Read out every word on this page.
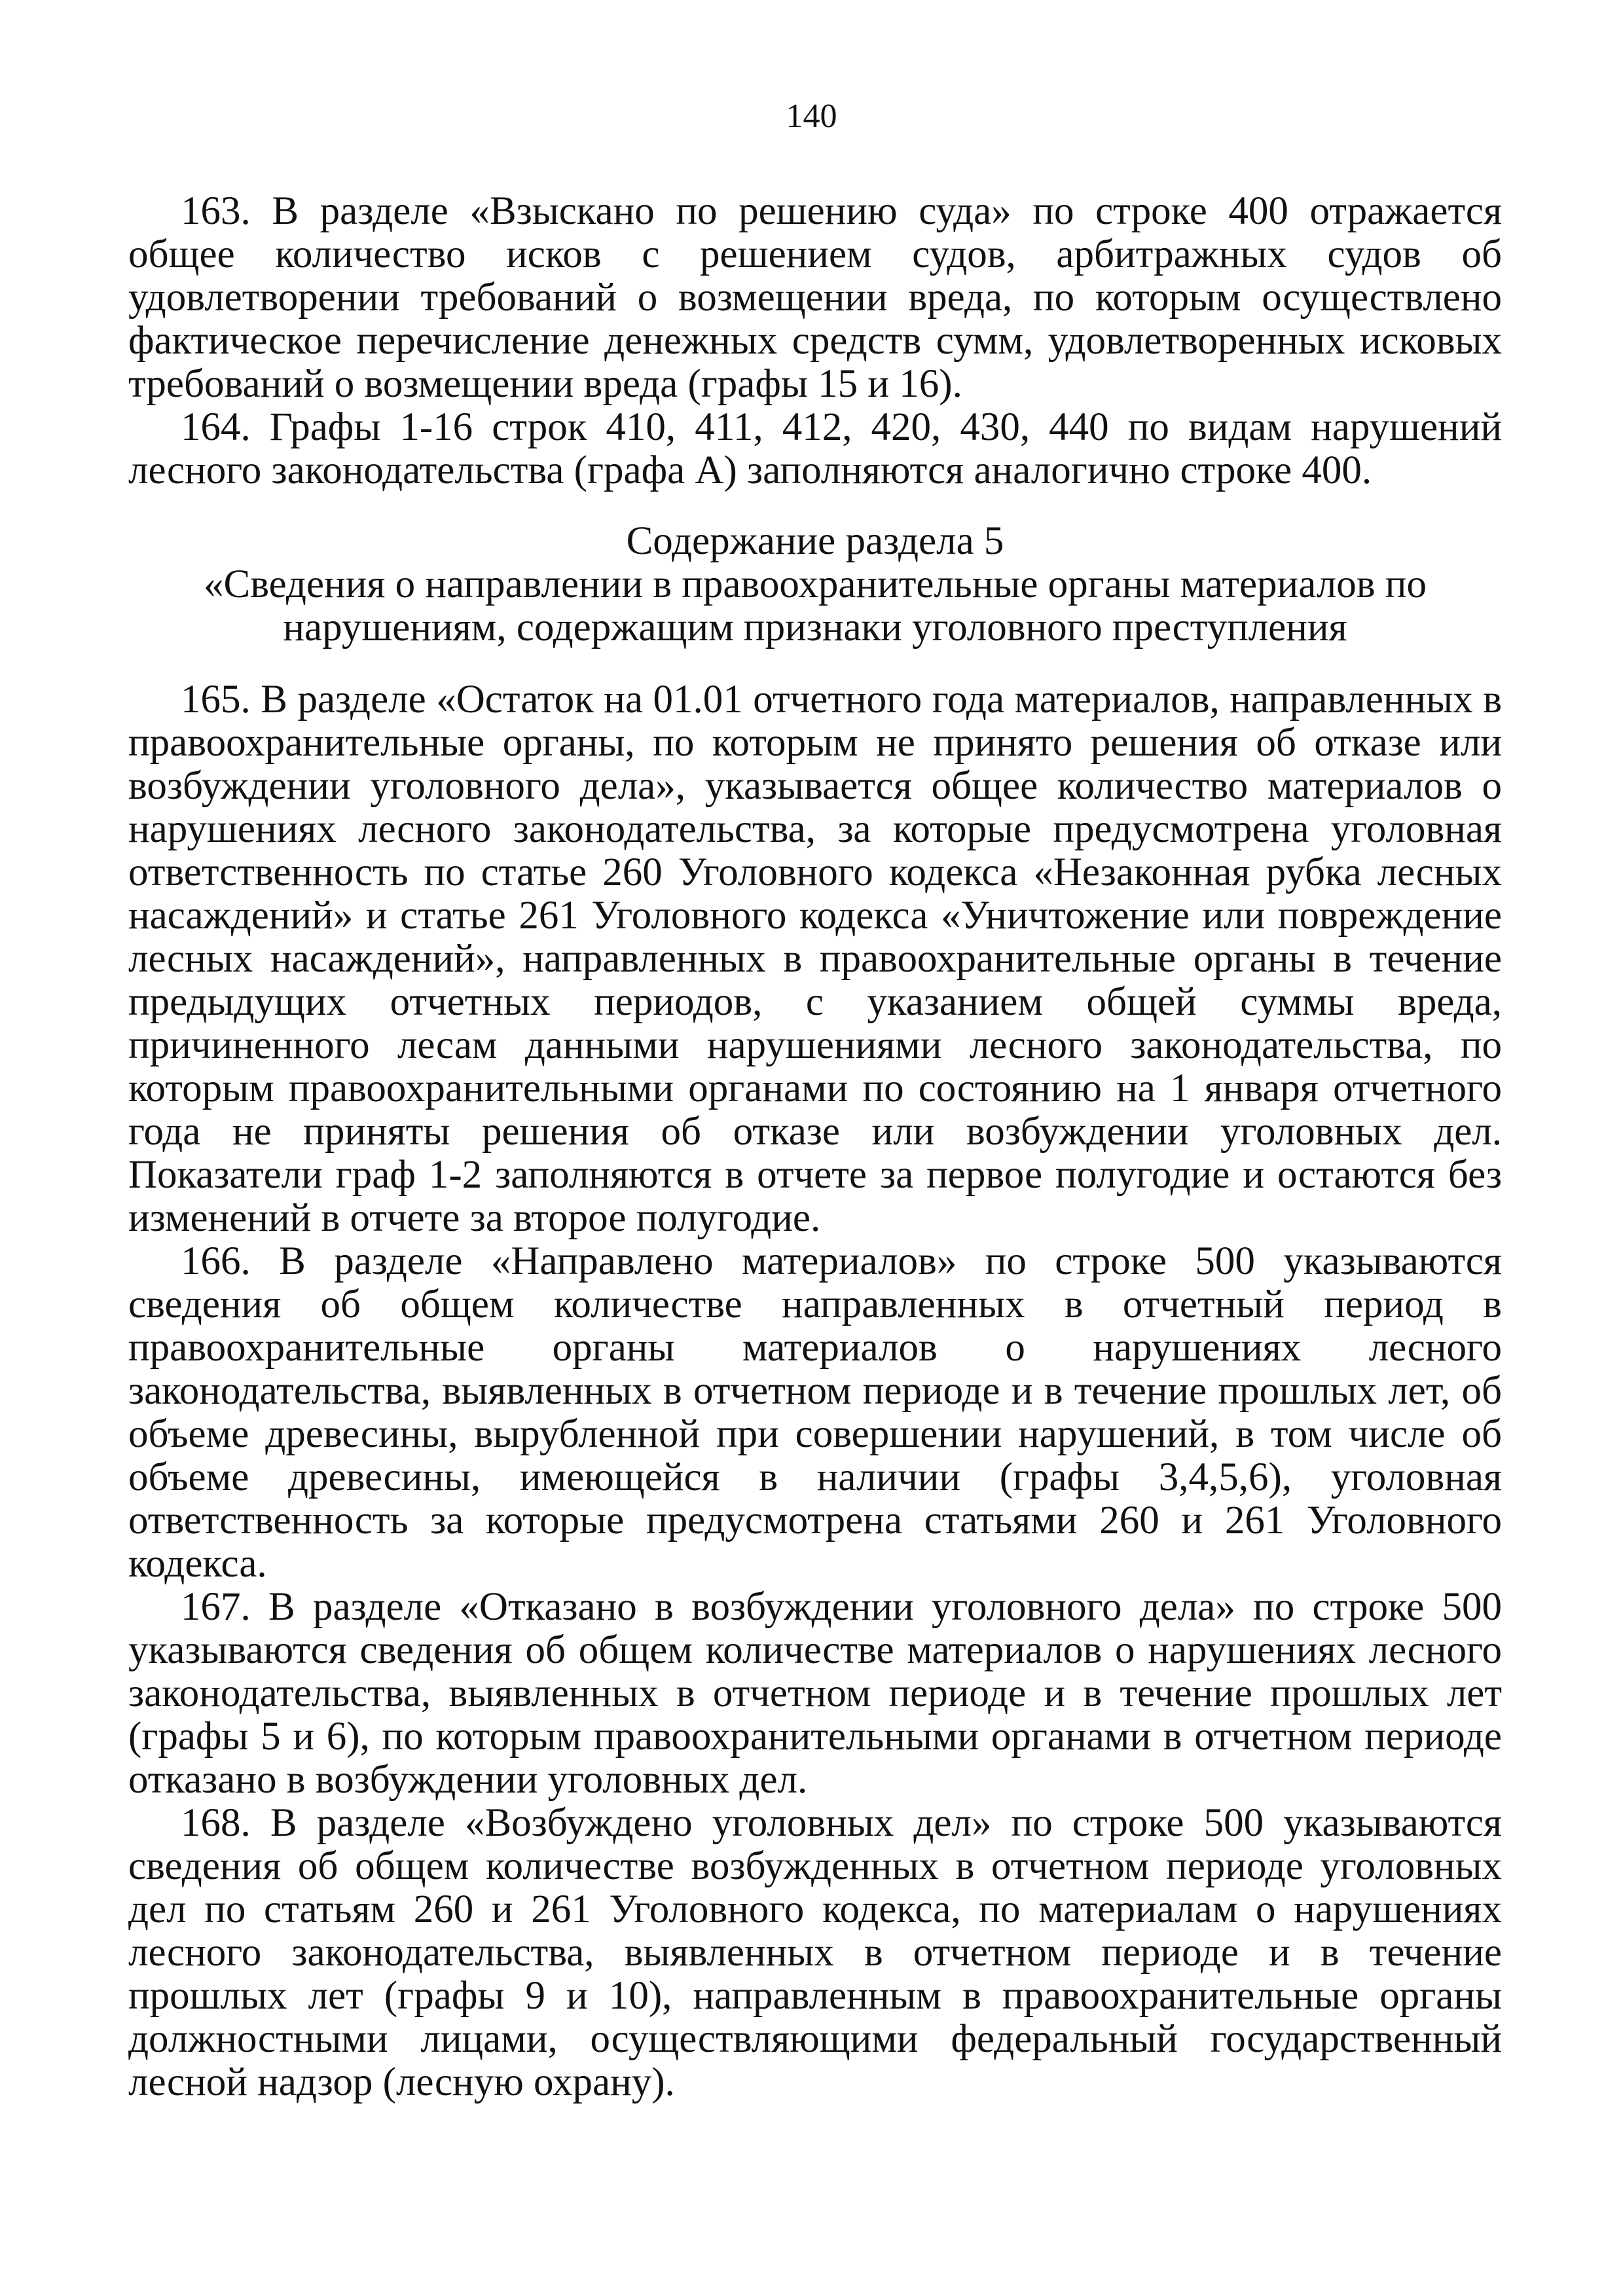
140

163. В разделе «Взыскано по решению суда» по строке 400 отражается общее количество исков с решением судов, арбитражных судов об удовлетворении требований о возмещении вреда, по которым осуществлено фактическое перечисление денежных средств сумм, удовлетворенных исковых требований о возмещении вреда (графы 15 и 16).

164. Графы 1-16 строк 410, 411, 412, 420, 430, 440 по видам нарушений лесного законодательства (графа А) заполняются аналогично строке 400.

Содержание раздела 5
«Сведения о направлении в правоохранительные органы материалов по
нарушениям, содержащим признаки уголовного преступления

165. В разделе «Остаток на 01.01 отчетного года материалов, направленных в правоохранительные органы, по которым не принято решения об отказе или возбуждении уголовного дела», указывается общее количество материалов о нарушениях лесного законодательства, за которые предусмотрена уголовная ответственность по статье 260 Уголовного кодекса «Незаконная рубка лесных насаждений» и статье 261 Уголовного кодекса «Уничтожение или повреждение лесных насаждений», направленных в правоохранительные органы в течение предыдущих отчетных периодов, с указанием общей суммы вреда, причиненного лесам данными нарушениями лесного законодательства, по которым правоохранительными органами по состоянию на 1 января отчетного года не приняты решения об отказе или возбуждении уголовных дел. Показатели граф 1-2 заполняются в отчете за первое полугодие и остаются без изменений в отчете за второе полугодие.

166. В разделе «Направлено материалов» по строке 500 указываются сведения об общем количестве направленных в отчетный период в правоохранительные органы материалов о нарушениях лесного законодательства, выявленных в отчетном периоде и в течение прошлых лет, об объеме древесины, вырубленной при совершении нарушений, в том числе об объеме древесины, имеющейся в наличии (графы 3,4,5,6), уголовная ответственность за которые предусмотрена статьями 260 и 261 Уголовного кодекса.

167. В разделе «Отказано в возбуждении уголовного дела» по строке 500 указываются сведения об общем количестве материалов о нарушениях лесного законодательства, выявленных в отчетном периоде и в течение прошлых лет (графы 5 и 6), по которым правоохранительными органами в отчетном периоде отказано в возбуждении уголовных дел.

168. В разделе «Возбуждено уголовных дел» по строке 500 указываются сведения об общем количестве возбужденных в отчетном периоде уголовных дел по статьям 260 и 261 Уголовного кодекса, по материалам о нарушениях лесного законодательства, выявленных в отчетном периоде и в течение прошлых лет (графы 9 и 10), направленным в правоохранительные органы должностными лицами, осуществляющими федеральный государственный лесной надзор (лесную охрану).
